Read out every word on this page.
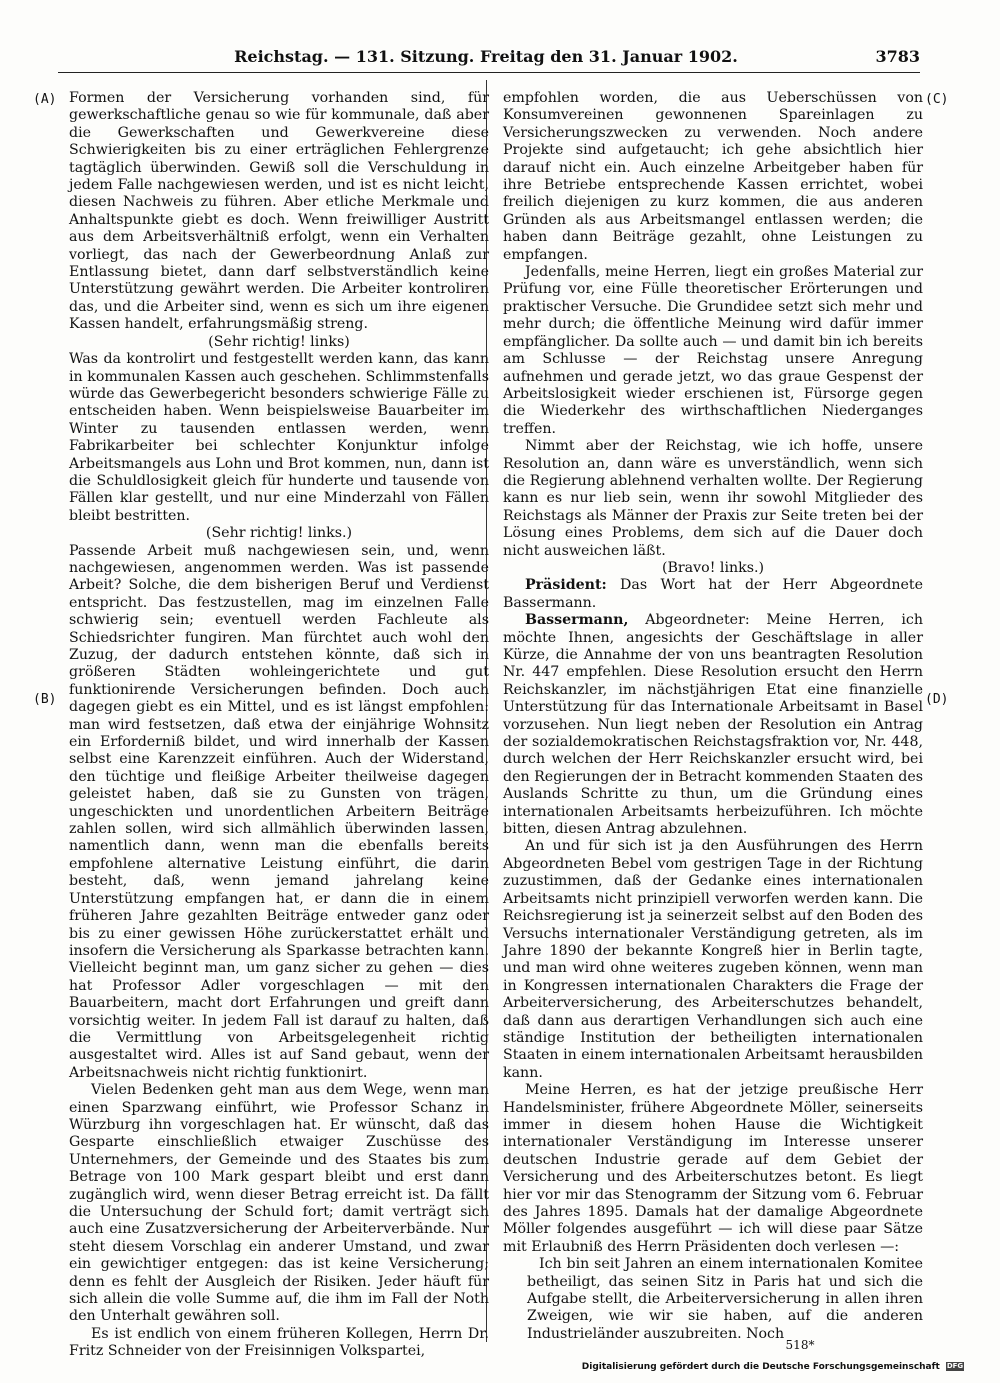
Reichstag. — 131. Sitzung. Freitag den 31. Januar 1902.	3783
(A)
(B)
(C)
(D)

Formen der Versicherung vorhanden sind, für gewerkschaftliche genau so wie für kommunale, daß aber die Gewerkschaften und Gewerkvereine diese Schwierigkeiten bis zu einer erträglichen Fehlergrenze tagtäglich überwinden. Gewiß soll die Verschuldung in jedem Falle nachgewiesen werden, und ist es nicht leicht, diesen Nachweis zu führen. Aber etliche Merkmale und Anhaltspunkte giebt es doch. Wenn freiwilliger Austritt aus dem Arbeitsverhältniß erfolgt, wenn ein Verhalten vorliegt, das nach der Gewerbeordnung Anlaß zur Entlassung bietet, dann darf selbstverständlich keine Unterstützung gewährt werden. Die Arbeiter kontroliren das, und die Arbeiter sind, wenn es sich um ihre eigenen Kassen handelt, erfahrungsmäßig streng.

(Sehr richtig! links)

Was da kontrolirt und festgestellt werden kann, das kann in kommunalen Kassen auch geschehen. Schlimmstenfalls würde das Gewerbegericht besonders schwierige Fälle zu entscheiden haben. Wenn beispielsweise Bauarbeiter im Winter zu tausenden entlassen werden, wenn Fabrikarbeiter bei schlechter Konjunktur infolge Arbeitsmangels aus Lohn und Brot kommen, nun, dann ist die Schuldlosigkeit gleich für hunderte und tausende von Fällen klar gestellt, und nur eine Minderzahl von Fällen bleibt bestritten.

(Sehr richtig! links.)

Passende Arbeit muß nachgewiesen sein, und, wenn nachgewiesen, angenommen werden. Was ist passende Arbeit? Solche, die dem bisherigen Beruf und Verdienst entspricht. Das festzustellen, mag im einzelnen Falle schwierig sein; eventuell werden Fachleute als Schiedsrichter fungiren. Man fürchtet auch wohl den Zuzug, der dadurch entstehen könnte, daß sich in größeren Städten wohleingerichtete und gut funktionirende Versicherungen befinden. Doch auch dagegen giebt es ein Mittel, und es ist längst empfohlen: man wird festsetzen, daß etwa der einjährige Wohnsitz ein Erforderniß bildet, und wird innerhalb der Kassen selbst eine Karenzzeit einführen. Auch der Widerstand, den tüchtige und fleißige Arbeiter theilweise dagegen geleistet haben, daß sie zu Gunsten von trägen, ungeschickten und unordentlichen Arbeitern Beiträge zahlen sollen, wird sich allmählich überwinden lassen, namentlich dann, wenn man die ebenfalls bereits empfohlene alternative Leistung einführt, die darin besteht, daß, wenn jemand jahrelang keine Unterstützung empfangen hat, er dann die in einem früheren Jahre gezahlten Beiträge entweder ganz oder bis zu einer gewissen Höhe zurückerstattet erhält und insofern die Versicherung als Sparkasse betrachten kann. Vielleicht beginnt man, um ganz sicher zu gehen — dies hat Professor Adler vorgeschlagen — mit den Bauarbeitern, macht dort Erfahrungen und greift dann vorsichtig weiter. In jedem Fall ist darauf zu halten, daß die Vermittlung von Arbeitsgelegenheit richtig ausgestaltet wird. Alles ist auf Sand gebaut, wenn der Arbeitsnachweis nicht richtig funktionirt.

Vielen Bedenken geht man aus dem Wege, wenn man einen Sparzwang einführt, wie Professor Schanz in Würzburg ihn vorgeschlagen hat. Er wünscht, daß das Gesparte einschließlich etwaiger Zuschüsse des Unternehmers, der Gemeinde und des Staates bis zum Betrage von 100 Mark gespart bleibt und erst dann zugänglich wird, wenn dieser Betrag erreicht ist. Da fällt die Untersuchung der Schuld fort; damit verträgt sich auch eine Zusatzversicherung der Arbeiterverbände. Nur steht diesem Vorschlag ein anderer Umstand, und zwar ein gewichtiger entgegen: das ist keine Versicherung; denn es fehlt der Ausgleich der Risiken. Jeder häuft für sich allein die volle Summe auf, die ihm im Fall der Noth den Unterhalt gewähren soll.

Es ist endlich von einem früheren Kollegen, Herrn Dr. Fritz Schneider von der Freisinnigen Volkspartei,

empfohlen worden, die aus Ueberschüssen von Konsumvereinen gewonnenen Spareinlagen zu Versicherungszwecken zu verwenden. Noch andere Projekte sind aufgetaucht; ich gehe absichtlich hier darauf nicht ein. Auch einzelne Arbeitgeber haben für ihre Betriebe entsprechende Kassen errichtet, wobei freilich diejenigen zu kurz kommen, die aus anderen Gründen als aus Arbeitsmangel entlassen werden; die haben dann Beiträge gezahlt, ohne Leistungen zu empfangen.

Jedenfalls, meine Herren, liegt ein großes Material zur Prüfung vor, eine Fülle theoretischer Erörterungen und praktischer Versuche. Die Grundidee setzt sich mehr und mehr durch; die öffentliche Meinung wird dafür immer empfänglicher. Da sollte auch — und damit bin ich bereits am Schlusse — der Reichstag unsere Anregung aufnehmen und gerade jetzt, wo das graue Gespenst der Arbeitslosigkeit wieder erschienen ist, Fürsorge gegen die Wiederkehr des wirthschaftlichen Niederganges treffen.

Nimmt aber der Reichstag, wie ich hoffe, unsere Resolution an, dann wäre es unverständlich, wenn sich die Regierung ablehnend verhalten wollte. Der Regierung kann es nur lieb sein, wenn ihr sowohl Mitglieder des Reichstags als Männer der Praxis zur Seite treten bei der Lösung eines Problems, dem sich auf die Dauer doch nicht ausweichen läßt.

(Bravo! links.)

Präsident: Das Wort hat der Herr Abgeordnete Bassermann.

Bassermann, Abgeordneter: Meine Herren, ich möchte Ihnen, angesichts der Geschäftslage in aller Kürze, die Annahme der von uns beantragten Resolution Nr. 447 empfehlen. Diese Resolution ersucht den Herrn Reichskanzler, im nächstjährigen Etat eine finanzielle Unterstützung für das Internationale Arbeitsamt in Basel vorzusehen. Nun liegt neben der Resolution ein Antrag der sozialdemokratischen Reichstagsfraktion vor, Nr. 448, durch welchen der Herr Reichskanzler ersucht wird, bei den Regierungen der in Betracht kommenden Staaten des Auslands Schritte zu thun, um die Gründung eines internationalen Arbeitsamts herbeizuführen. Ich möchte bitten, diesen Antrag abzulehnen.

An und für sich ist ja den Ausführungen des Herrn Abgeordneten Bebel vom gestrigen Tage in der Richtung zuzustimmen, daß der Gedanke eines internationalen Arbeitsamts nicht prinzipiell verworfen werden kann. Die Reichsregierung ist ja seinerzeit selbst auf den Boden des Versuchs internationaler Verständigung getreten, als im Jahre 1890 der bekannte Kongreß hier in Berlin tagte, und man wird ohne weiteres zugeben können, wenn man in Kongressen internationalen Charakters die Frage der Arbeiterversicherung, des Arbeiterschutzes behandelt, daß dann aus derartigen Verhandlungen sich auch eine ständige Institution der betheiligten internationalen Staaten in einem internationalen Arbeitsamt herausbilden kann.

Meine Herren, es hat der jetzige preußische Herr Handelsminister, frühere Abgeordnete Möller, seinerseits immer in diesem hohen Hause die Wichtigkeit internationaler Verständigung im Interesse unserer deutschen Industrie gerade auf dem Gebiet der Versicherung und des Arbeiterschutzes betont. Es liegt hier vor mir das Stenogramm der Sitzung vom 6. Februar des Jahres 1895. Damals hat der damalige Abgeordnete Möller folgendes ausgeführt — ich will diese paar Sätze mit Erlaubniß des Herrn Präsidenten doch verlesen —:

Ich bin seit Jahren an einem internationalen Komitee betheiligt, das seinen Sitz in Paris hat und sich die Aufgabe stellt, die Arbeiterversicherung in allen ihren Zweigen, wie wir sie haben, auf die anderen Industrieländer auszubreiten. Noch

518*
Digitalisierung gefördert durch die Deutsche Forschungsgemeinschaft DFG
